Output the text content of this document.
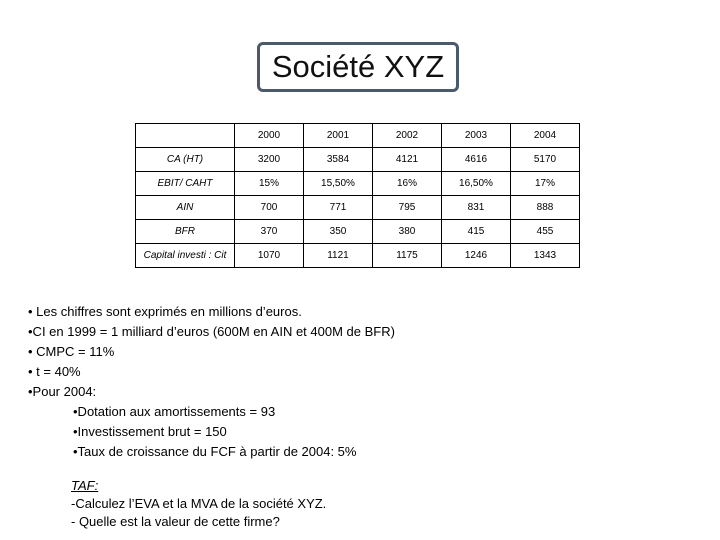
Société XYZ
	2000	2001	2002	2003	2004
CA (HT)	3200	3584	4121	4616	5170
EBIT/ CAHT	15%	15,50%	16%	16,50%	17%
AIN	700	771	795	831	888
BFR	370	350	380	415	455
Capital investi : Cit	1070	1121	1175	1246	1343
• Les chiffres sont exprimés en millions d’euros.
•CI en 1999 = 1 milliard d’euros (600M en AIN et 400M de BFR)
• CMPC = 11%
• t = 40%
•Pour 2004:
•Dotation aux amortissements = 93
•Investissement brut = 150
•Taux de croissance du FCF à partir de 2004: 5%
TAF:
-Calculez l’EVA et la MVA de la société XYZ.
- Quelle est la valeur de cette firme?
